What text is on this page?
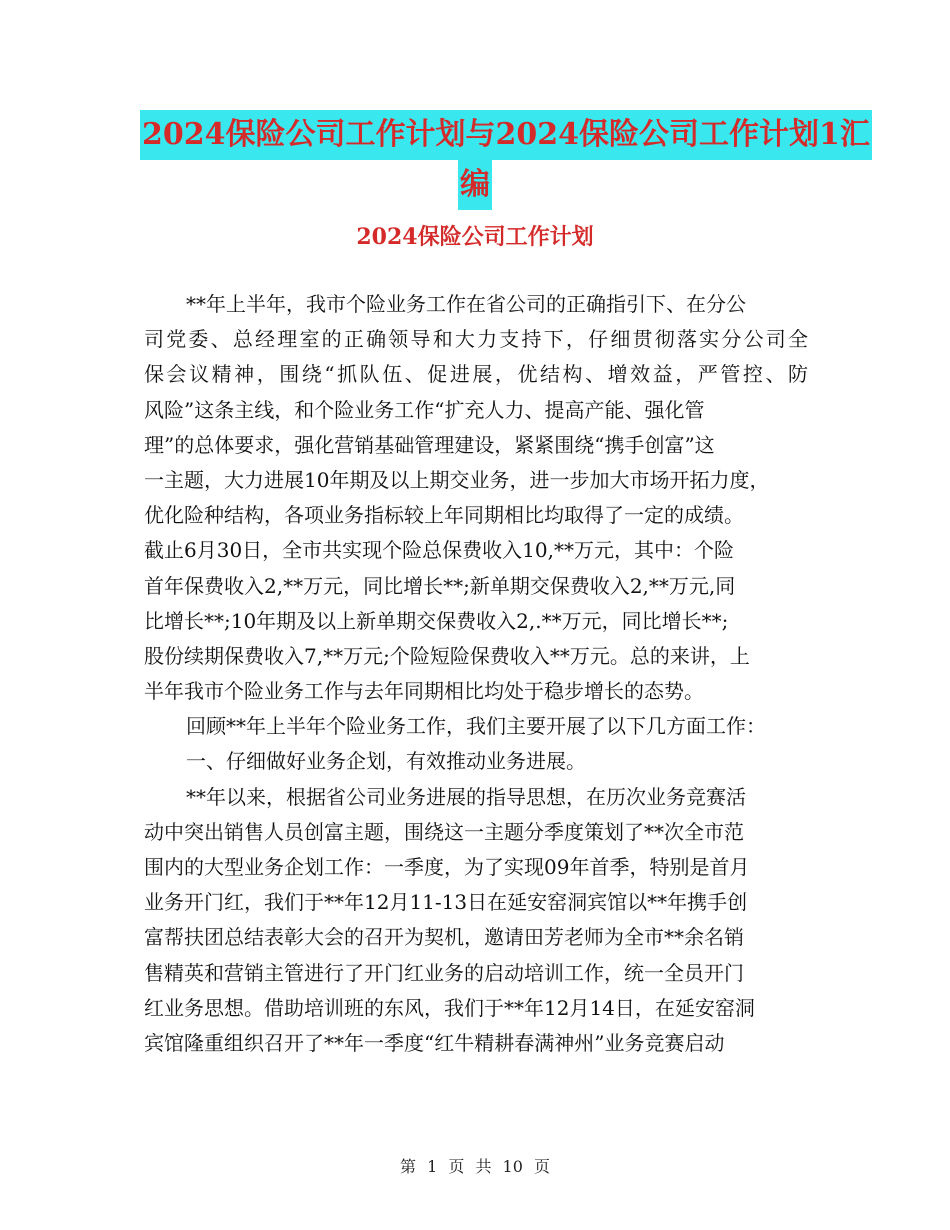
2024保险公司工作计划与2024保险公司工作计划1汇
编
2024保险公司工作计划
**年上半年，我市个险业务工作在省公司的正确指引下、在分公
司党委、总经理室的正确领导和大力支持下，仔细贯彻落实分公司全
保会议精神，围绕“抓队伍、促进展，优结构、增效益，严管控、防
风险”这条主线，和个险业务工作“扩充人力、提高产能、强化管
理”的总体要求，强化营销基础管理建设，紧紧围绕“携手创富”这
一主题，大力进展10年期及以上期交业务，进一步加大市场开拓力度，
优化险种结构，各项业务指标较上年同期相比均取得了一定的成绩。
截止6月30日，全市共实现个险总保费收入10,**万元，其中：个险
首年保费收入2,**万元，同比增长**;新单期交保费收入2,**万元,同
比增长**;10年期及以上新单期交保费收入2,.**万元，同比增长**;
股份续期保费收入7,**万元;个险短险保费收入**万元。总的来讲，上
半年我市个险业务工作与去年同期相比均处于稳步增长的态势。
回顾**年上半年个险业务工作，我们主要开展了以下几方面工作：
一、仔细做好业务企划，有效推动业务进展。
**年以来，根据省公司业务进展的指导思想，在历次业务竞赛活
动中突出销售人员创富主题，围绕这一主题分季度策划了**次全市范
围内的大型业务企划工作：一季度，为了实现09年首季，特别是首月
业务开门红，我们于**年12月11-13日在延安窑洞宾馆以**年携手创
富帮扶团总结表彰大会的召开为契机，邀请田芳老师为全市**余名销
售精英和营销主管进行了开门红业务的启动培训工作，统一全员开门
红业务思想。借助培训班的东风，我们于**年12月14日，在延安窑洞
宾馆隆重组织召开了**年一季度“红牛精耕春满神州”业务竞赛启动
第 1 页 共 10 页
